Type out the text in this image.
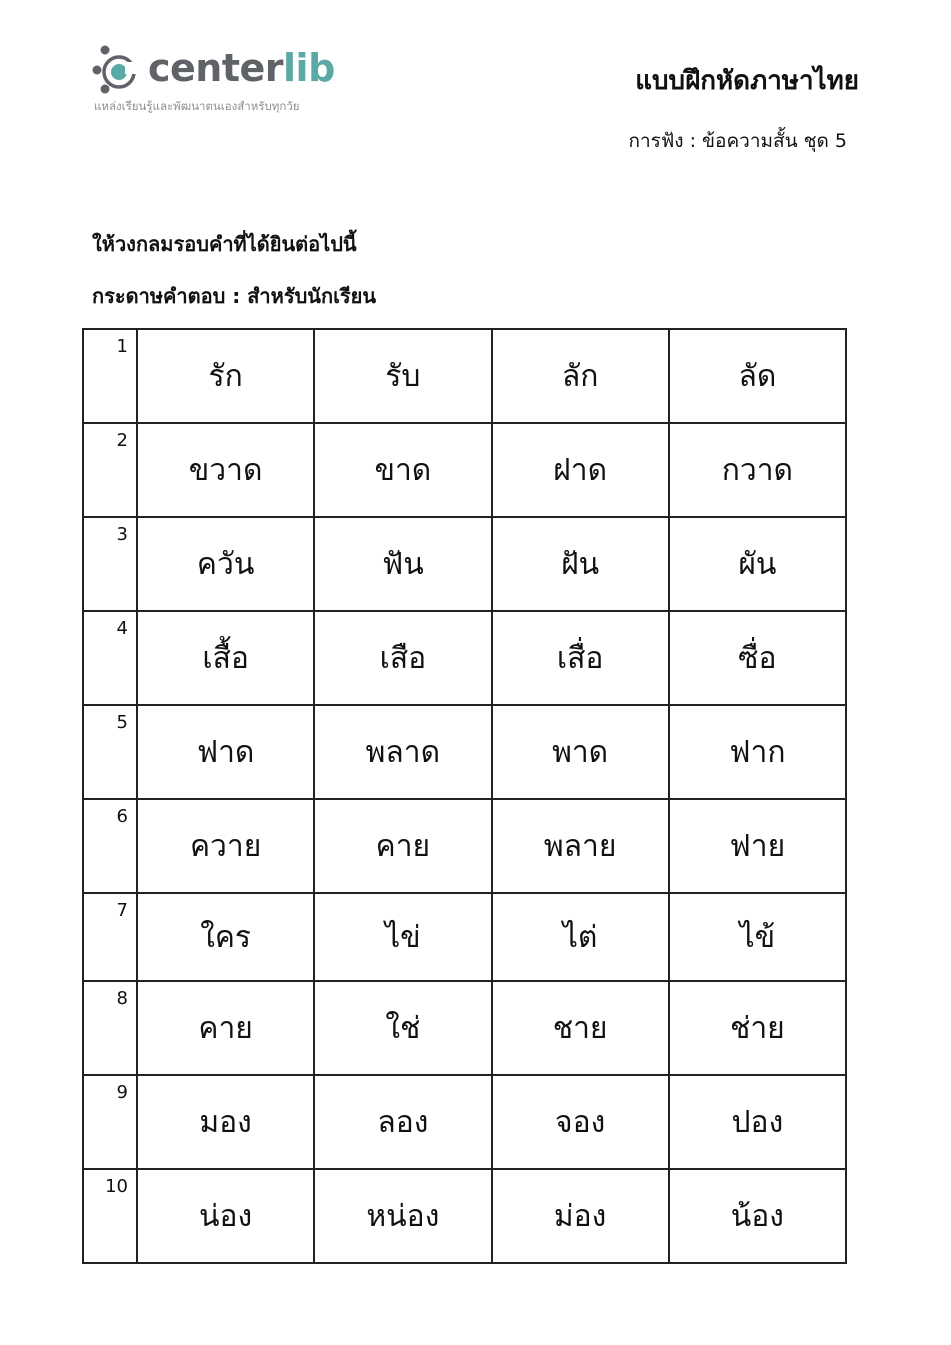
centerlib
แหล่งเรียนรู้และพัฒนาตนเองสำหรับทุกวัย
แบบฝึกหัดภาษาไทย
การฟัง : ข้อความสั้น ชุด 5
ให้วงกลมรอบคำที่ได้ยินต่อไปนี้
กระดาษคำตอบ : สำหรับนักเรียน
1	รัก	รับ	ลัก	ลัด

2	ขวาด	ขาด	ฝาด	กวาด

3	ควัน	ฟัน	ฝัน	ผัน

4	เสื้อ	เสือ	เสื่อ	ซื่อ

5	ฟาด	พลาด	พาด	ฟาก

6	ควาย	คาย	พลาย	ฟาย

7	ใคร	ไข่	ไต่	ไข้

8	คาย	ใช่	ชาย	ช่าย

9	มอง	ลอง	จอง	ปอง

10	น่อง	หน่อง	ม่อง	น้อง
